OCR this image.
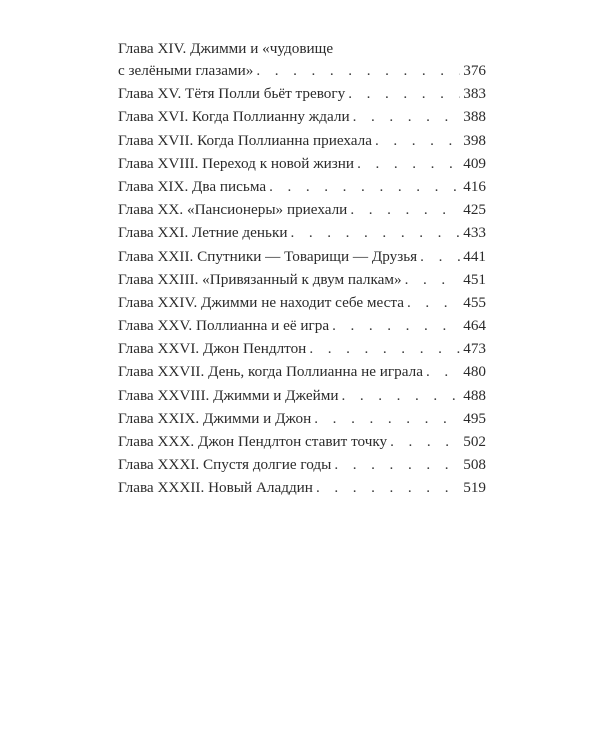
Глава XIV. Джимми и «чудовище
с зелёными глазами» . . .	376
Глава XV. Тётя Полли бьёт тревогу . . .	383
Глава XVI. Когда Поллианну ждали . . .	388
Глава XVII. Когда Поллианна приехала . . .	398
Глава XVIII. Переход к новой жизни . . .	409
Глава XIX. Два письма . . .	416
Глава XX. «Пансионеры» приехали . . .	425
Глава XXI. Летние деньки . . .	433
Глава XXII. Спутники — Товарищи — Друзья . . .	441
Глава XXIII. «Привязанный к двум палкам» . . .	451
Глава XXIV. Джимми не находит себе места . . .	455
Глава XXV. Поллианна и её игра . . .	464
Глава XXVI. Джон Пендлтон . . .	473
Глава XXVII. День, когда Поллианна не играла . . .	480
Глава XXVIII. Джимми и Джейми . . .	488
Глава XXIX. Джимми и Джон . . .	495
Глава XXX. Джон Пендлтон ставит точку . . .	502
Глава XXXI. Спустя долгие годы . . .	508
Глава XXXII. Новый Аладдин . . .	519
